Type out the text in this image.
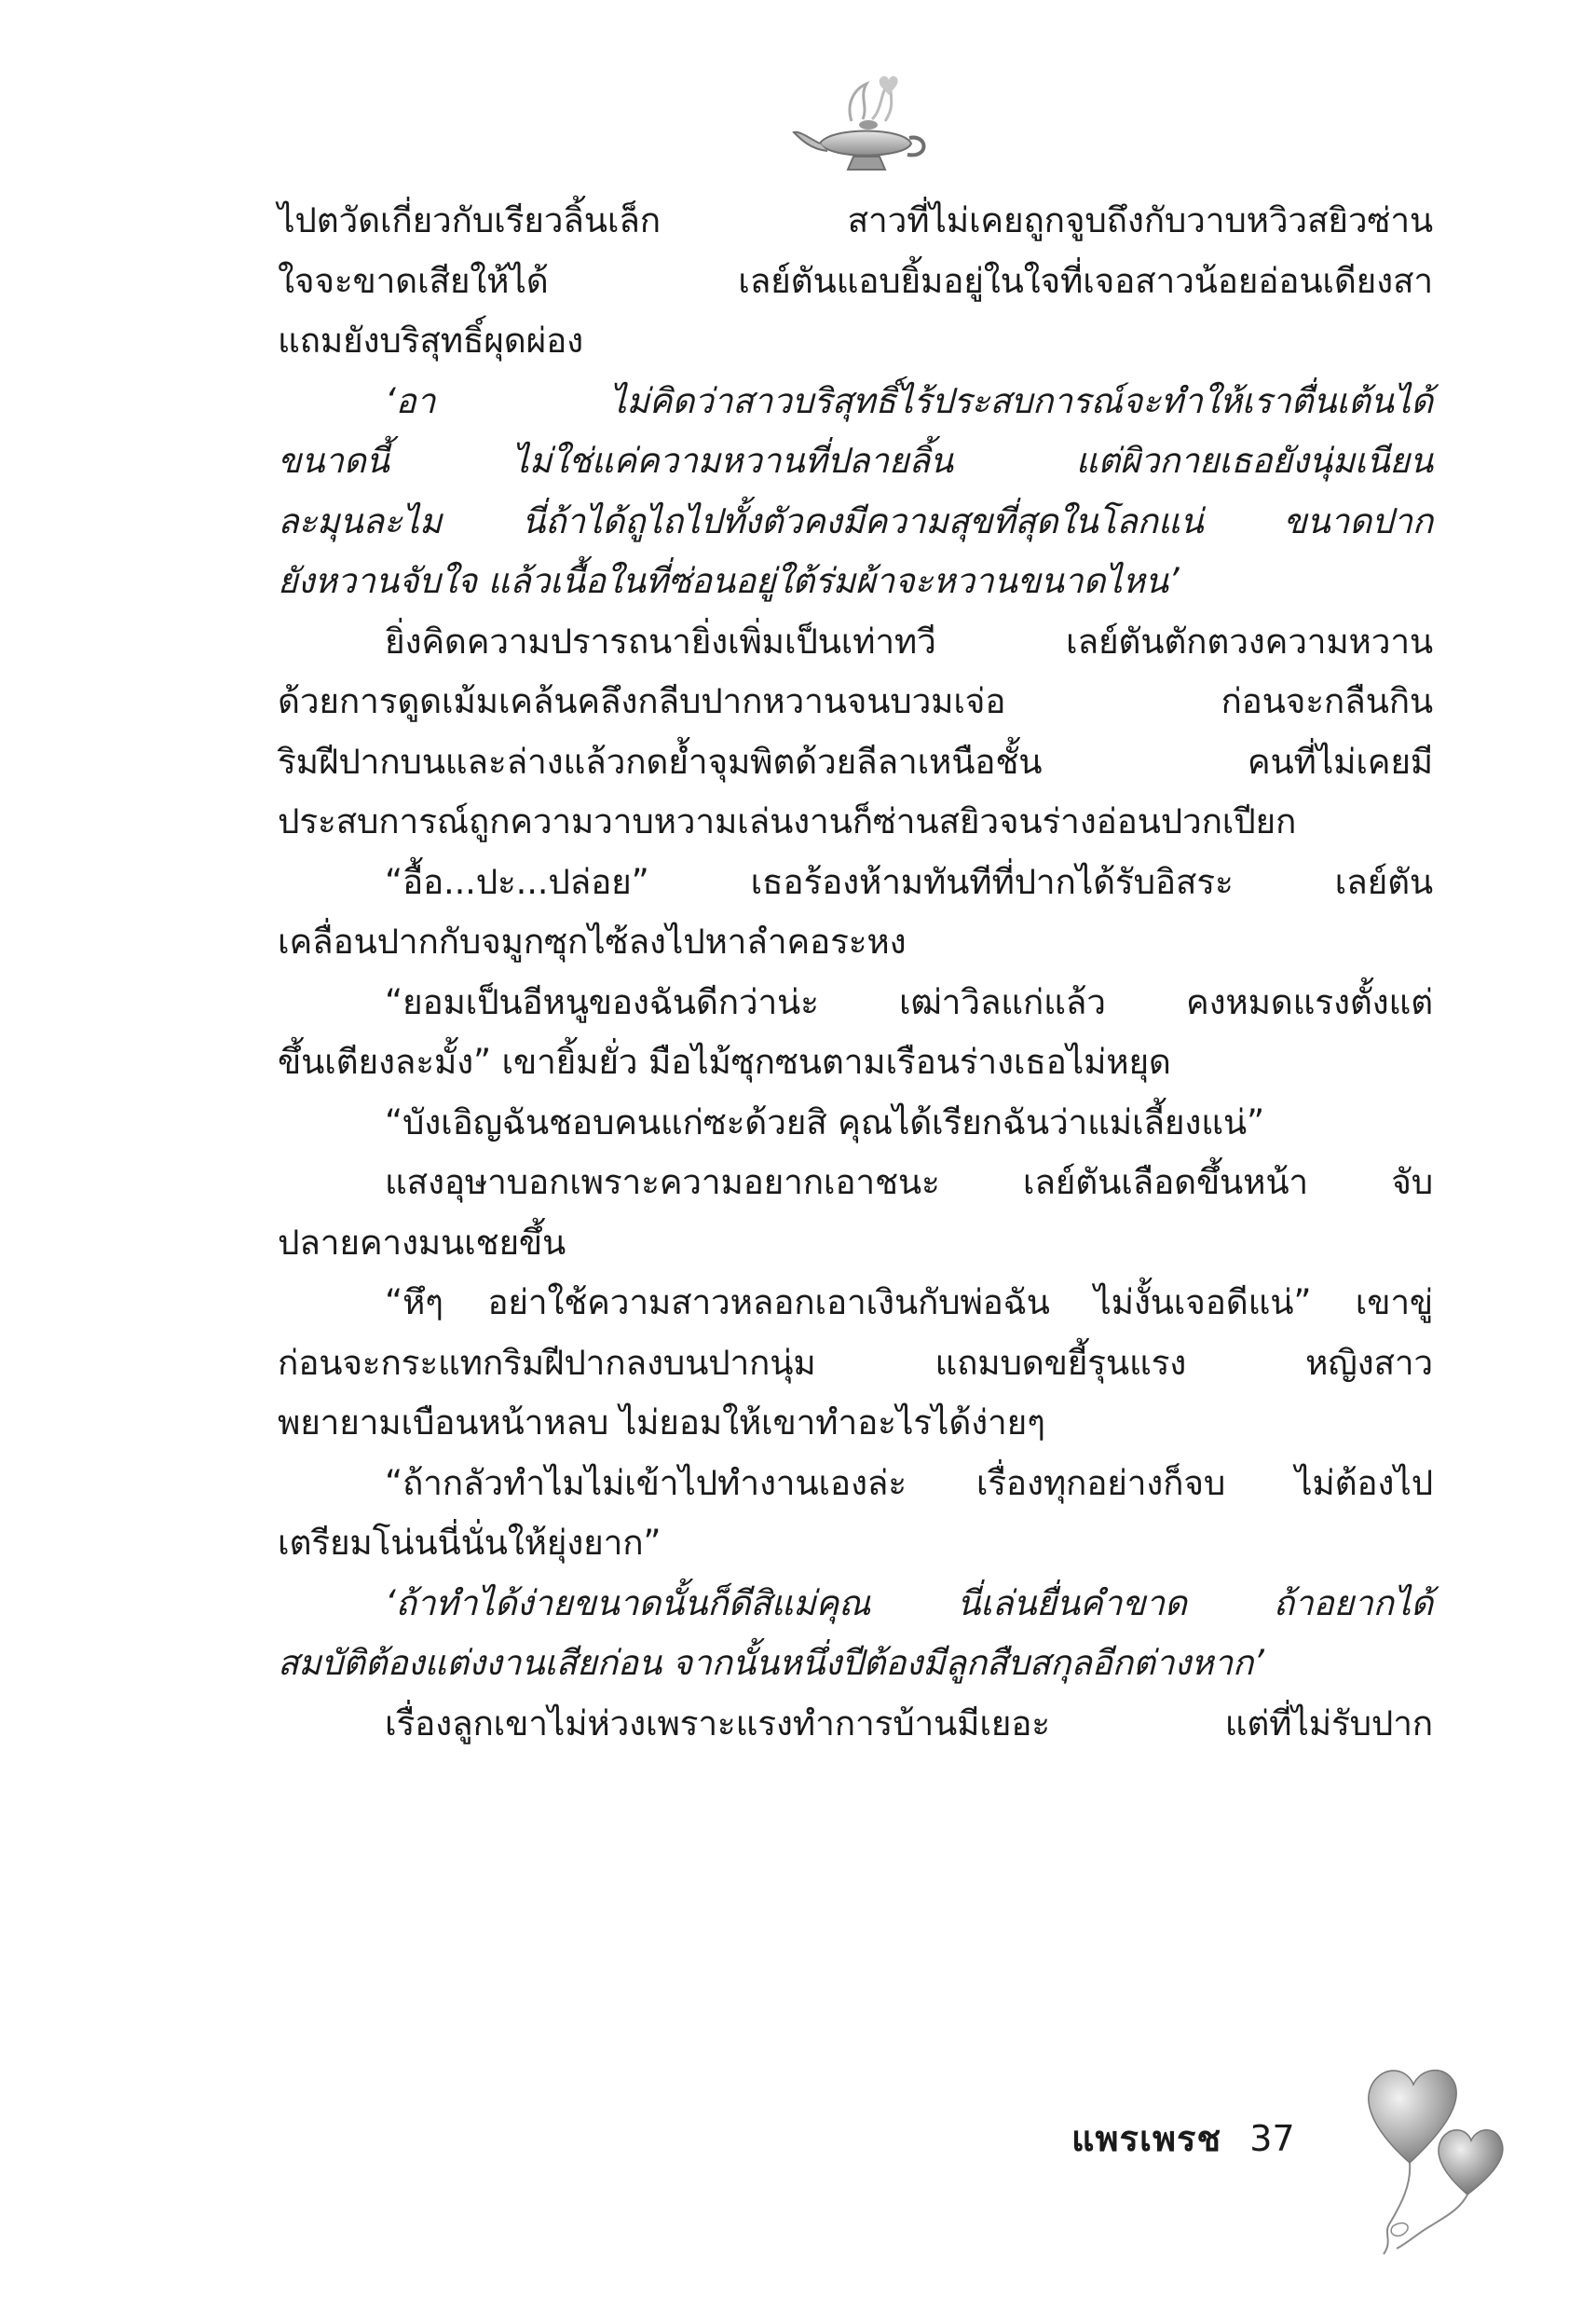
ไปตวัดเกี่ยวกับเรียวลิ้นเล็ก สาวที่ไม่เคยถูกจูบถึงกับวาบหวิวสยิวซ่าน
ใจจะขาดเสียให้ได้ เลย์ตันแอบยิ้มอยู่ในใจที่เจอสาวน้อยอ่อนเดียงสา
แถมยังบริสุทธิ์ผุดผ่อง
‘อา ไม่คิดว่าสาวบริสุทธิ์ไร้ประสบการณ์จะทำให้เราตื่นเต้นได้
ขนาดนี้ ไม่ใช่แค่ความหวานที่ปลายลิ้น แต่ผิวกายเธอยังนุ่มเนียน
ละมุนละไม นี่ถ้าได้ถูไถไปทั้งตัวคงมีความสุขที่สุดในโลกแน่ ขนาดปาก
ยังหวานจับใจ แล้วเนื้อในที่ซ่อนอยู่ใต้ร่มผ้าจะหวานขนาดไหน’
ยิ่งคิดความปรารถนายิ่งเพิ่มเป็นเท่าทวี เลย์ตันตักตวงความหวาน
ด้วยการดูดเม้มเคล้นคลึงกลีบปากหวานจนบวมเจ่อ ก่อนจะกลืนกิน
ริมฝีปากบนและล่างแล้วกดย้ำจุมพิตด้วยลีลาเหนือชั้น คนที่ไม่เคยมี
ประสบการณ์ถูกความวาบหวามเล่นงานก็ซ่านสยิวจนร่างอ่อนปวกเปียก
“อื้อ...ปะ...ปล่อย” เธอร้องห้ามทันทีที่ปากได้รับอิสระ เลย์ตัน
เคลื่อนปากกับจมูกซุกไซ้ลงไปหาลำคอระหง
“ยอมเป็นอีหนูของฉันดีกว่าน่ะ เฒ่าวิลแก่แล้ว คงหมดแรงตั้งแต่
ขึ้นเตียงละมั้ง” เขายิ้มยั่ว มือไม้ซุกซนตามเรือนร่างเธอไม่หยุด
“บังเอิญฉันชอบคนแก่ซะด้วยสิ คุณได้เรียกฉันว่าแม่เลี้ยงแน่”
แสงอุษาบอกเพราะความอยากเอาชนะ เลย์ตันเลือดขึ้นหน้า จับ
ปลายคางมนเชยขึ้น
“หึๆ อย่าใช้ความสาวหลอกเอาเงินกับพ่อฉัน ไม่งั้นเจอดีแน่” เขาขู่
ก่อนจะกระแทกริมฝีปากลงบนปากนุ่ม แถมบดขยี้รุนแรง หญิงสาว
พยายามเบือนหน้าหลบ ไม่ยอมให้เขาทำอะไรได้ง่ายๆ
“ถ้ากลัวทำไมไม่เข้าไปทำงานเองล่ะ เรื่องทุกอย่างก็จบ ไม่ต้องไป
เตรียมโน่นนี่นั่นให้ยุ่งยาก”
‘ถ้าทำได้ง่ายขนาดนั้นก็ดีสิแม่คุณ นี่เล่นยื่นคำขาด ถ้าอยากได้
สมบัติต้องแต่งงานเสียก่อน จากนั้นหนึ่งปีต้องมีลูกสืบสกุลอีกต่างหาก’
เรื่องลูกเขาไม่ห่วงเพราะแรงทำการบ้านมีเยอะ แต่ที่ไม่รับปาก
แพรเพรช 37
